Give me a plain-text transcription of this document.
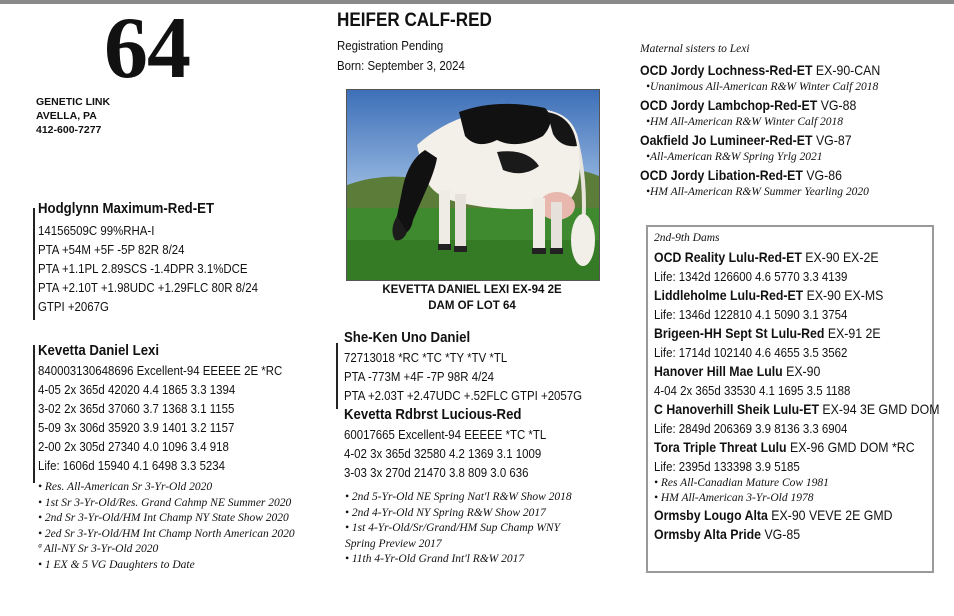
64
GENETIC LINK
AVELLA, PA
412-600-7277
HEIFER CALF-RED
Registration Pending
Born: September 3, 2024
KEVETTA DANIEL LEXI EX-94 2E
DAM OF LOT 64
Hodglynn Maximum-Red-ET
14156509C 99%RHA-I
PTA +54M +5F -5P 82R 8/24
PTA +1.1PL 2.89SCS -1.4DPR 3.1%DCE
PTA +2.10T +1.98UDC +1.29FLC 80R 8/24
GTPI +2067G
Kevetta Daniel Lexi
840003130648696 Excellent-94 EEEEE 2E *RC
4-05 2x 365d 42020 4.4 1865 3.3 1394
3-02 2x 365d 37060 3.7 1368 3.1 1155
5-09 3x 306d 35920 3.9 1401 3.2 1157
2-00 2x 305d 27340 4.0 1096 3.4 918
Life: 1606d 15940 4.1 6498 3.3 5234
• Res. All-American Sr 3-Yr-Old 2020
• 1st Sr 3-Yr-Old/Res. Grand Cahmp NE Summer 2020
• 2nd Sr 3-Yr-Old/HM Int Champ NY State Show 2020
• 2ed Sr 3-Yr-Old/HM Int Champ North American 2020
ª All-NY Sr 3-Yr-Old 2020
• 1 EX & 5 VG Daughters to Date
She-Ken Uno Daniel
72713018 *RC *TC *TY *TV *TL
PTA -773M +4F -7P 98R 4/24
PTA +2.03T +2.47UDC +.52FLC GTPI +2057G
Kevetta Rdbrst Lucious-Red
60017665 Excellent-94 EEEEE *TC *TL
4-02 3x 365d 32580 4.2 1369 3.1 1009
3-03 3x 270d 21470 3.8 809 3.0 636
• 2nd 5-Yr-Old NE Spring Nat'l R&W Show 2018
• 2nd 4-Yr-Old NY Spring R&W Show 2017
• 1st 4-Yr-Old/Sr/Grand/HM Sup Champ WNY
Spring Preview 2017
• 11th 4-Yr-Old Grand Int'l R&W 2017
Maternal sisters to Lexi
OCD Jordy Lochness-Red-ET EX-90-CAN
•Unanimous All-American R&W Winter Calf 2018
OCD Jordy Lambchop-Red-ET VG-88
•HM All-American R&W Winter Calf 2018
Oakfield Jo Lumineer-Red-ET VG-87
•All-American R&W Spring Yrlg 2021
OCD Jordy Libation-Red-ET VG-86
•HM All-American R&W Summer Yearling 2020
2nd-9th Dams
OCD Reality Lulu-Red-ET EX-90 EX-2E
Life: 1342d 126600 4.6 5770 3.3 4139
Liddleholme Lulu-Red-ET EX-90 EX-MS
Life: 1346d 122810 4.1 5090 3.1 3754
Brigeen-HH Sept St Lulu-Red EX-91 2E
Life: 1714d 102140 4.6 4655 3.5 3562
Hanover Hill Mae Lulu EX-90
4-04 2x 365d 33530 4.1 1695 3.5 1188
C Hanoverhill Sheik Lulu-ET EX-94 3E GMD DOM
Life: 2849d 206369 3.9 8136 3.3 6904
Tora Triple Threat Lulu EX-96 GMD DOM *RC
Life: 2395d 133398 3.9 5185
• Res All-Canadian Mature Cow 1981
• HM All-American 3-Yr-Old 1978
Ormsby Lougo Alta EX-90 VEVE 2E GMD
Ormsby Alta Pride VG-85
